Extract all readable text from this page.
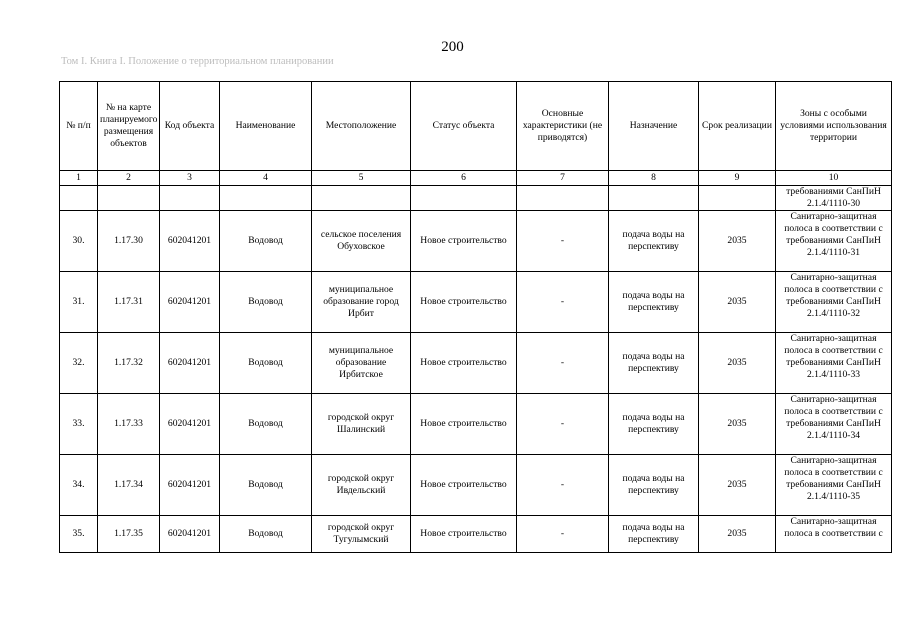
200
Том I. Книга I. Положение о территориальном планировании
№ п/п	№ на карте планируемого размещения объектов	Код объекта	Наименование	Местоположение	Статус объекта	Основные характеристики (не приводятся)	Назначение	Срок реализации	Зоны с особыми условиями использования территории
1	2	3	4	5	6	7	8	9	10
									требованиями СанПиН 2.1.4/1110-30
30.	1.17.30	602041201	Водовод	сельское поселения Обуховское	Новое строительство	-	подача воды на перспективу	2035	Санитарно-защитная полоса в соответствии с требованиями СанПиН 2.1.4/1110-31
31.	1.17.31	602041201	Водовод	муниципальное образование город Ирбит	Новое строительство	-	подача воды на перспективу	2035	Санитарно-защитная полоса в соответствии с требованиями СанПиН 2.1.4/1110-32
32.	1.17.32	602041201	Водовод	муниципальное образование Ирбитское	Новое строительство	-	подача воды на перспективу	2035	Санитарно-защитная полоса в соответствии с требованиями СанПиН 2.1.4/1110-33
33.	1.17.33	602041201	Водовод	городской округ Шалинский	Новое строительство	-	подача воды на перспективу	2035	Санитарно-защитная полоса в соответствии с требованиями СанПиН 2.1.4/1110-34
34.	1.17.34	602041201	Водовод	городской округ Ивдельский	Новое строительство	-	подача воды на перспективу	2035	Санитарно-защитная полоса в соответствии с требованиями СанПиН 2.1.4/1110-35
35.	1.17.35	602041201	Водовод	городской округ Тугулымский	Новое строительство	-	подача воды на перспективу	2035	Санитарно-защитная полоса в соответствии с
